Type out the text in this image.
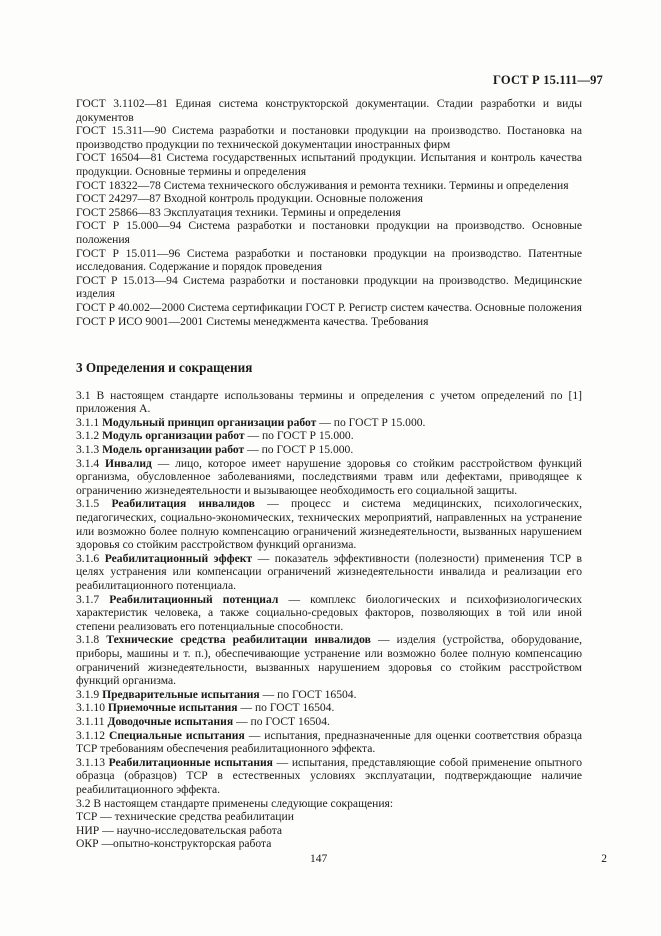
ГОСТ Р 15.111—97
ГОСТ 3.1102—81 Единая система конструкторской документации. Стадии разработки и виды документов
ГОСТ 15.311—90 Система разработки и постановки продукции на производство. Постановка на производство продукции по технической документации иностранных фирм
ГОСТ 16504—81 Система государственных испытаний продукции. Испытания и контроль качества продукции. Основные термины и определения
ГОСТ 18322—78 Система технического обслуживания и ремонта техники. Термины и определения
ГОСТ 24297—87 Входной контроль продукции. Основные положения
ГОСТ 25866—83 Эксплуатация техники. Термины и определения
ГОСТ Р 15.000—94 Система разработки и постановки продукции на производство. Основные положения
ГОСТ Р 15.011—96 Система разработки и постановки продукции на производство. Патентные исследования. Содержание и порядок проведения
ГОСТ Р 15.013—94 Система разработки и постановки продукции на производство. Медицинские изделия
ГОСТ Р 40.002—2000 Система сертификации ГОСТ Р. Регистр систем качества. Основные положения
ГОСТ Р ИСО 9001—2001 Системы менеджмента качества. Требования
3 Определения и сокращения
3.1 В настоящем стандарте использованы термины и определения с учетом определений по [1] приложения А.
3.1.1 Модульный принцип организации работ — по ГОСТ Р 15.000.
3.1.2 Модуль организации работ — по ГОСТ Р 15.000.
3.1.3 Модель организации работ — по ГОСТ Р 15.000.
3.1.4 Инвалид — лицо, которое имеет нарушение здоровья со стойким расстройством функций организма, обусловленное заболеваниями, последствиями травм или дефектами, приводящее к ограничению жизнедеятельности и вызывающее необходимость его социальной защиты.
3.1.5 Реабилитация инвалидов — процесс и система медицинских, психологических, педагогических, социально-экономических, технических мероприятий, направленных на устранение или возможно более полную компенсацию ограничений жизнедеятельности, вызванных нарушением здоровья со стойким расстройством функций организма.
3.1.6 Реабилитационный эффект — показатель эффективности (полезности) применения ТСР в целях устранения или компенсации ограничений жизнедеятельности инвалида и реализации его реабилитационного потенциала.
3.1.7 Реабилитационный потенциал — комплекс биологических и психофизиологических характеристик человека, а также социально-средовых факторов, позволяющих в той или иной степени реализовать его потенциальные способности.
3.1.8 Технические средства реабилитации инвалидов — изделия (устройства, оборудование, приборы, машины и т. п.), обеспечивающие устранение или возможно более полную компенсацию ограничений жизнедеятельности, вызванных нарушением здоровья со стойким расстройством функций организма.
3.1.9 Предварительные испытания — по ГОСТ 16504.
3.1.10 Приемочные испытания — по ГОСТ 16504.
3.1.11 Доводочные испытания — по ГОСТ 16504.
3.1.12 Специальные испытания — испытания, предназначенные для оценки соответствия образца ТСР требованиям обеспечения реабилитационного эффекта.
3.1.13 Реабилитационные испытания — испытания, представляющие собой применение опытного образца (образцов) ТСР в естественных условиях эксплуатации, подтверждающие наличие реабилитационного эффекта.
3.2 В настоящем стандарте применены следующие сокращения:
ТСР — технические средства реабилитации
НИР — научно-исследовательская работа
ОКР —опытно-конструкторская работа
147	2
